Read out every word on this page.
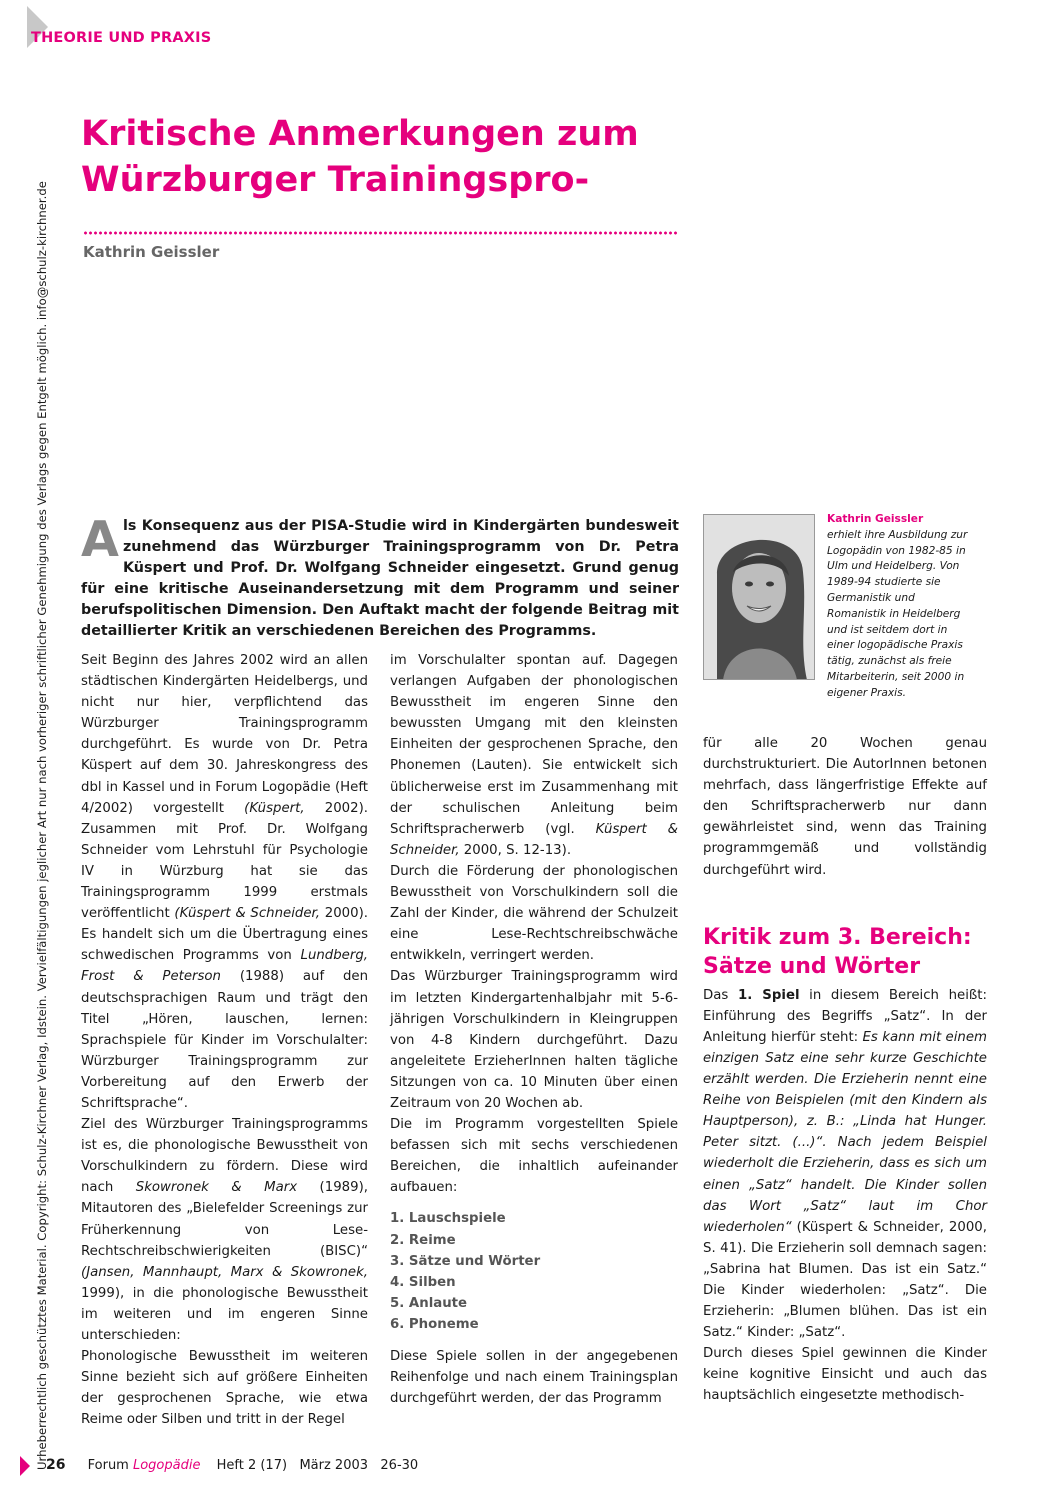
THEORIE UND PRAXIS
Urheberrechtlich geschütztes Material. Copyright: Schulz-Kirchner Verlag, Idstein. Vervielfältigungen jeglicher Art nur nach vorheriger schriftlicher Genehmigung des Verlags gegen Entgelt möglich. info@schulz-kirchner.de
Kritische Anmerkungen zum
Würzburger Trainingspro-
Kathrin Geissler

Als Konsequenz aus der PISA-Studie wird in Kindergärten bundesweit zunehmend das Würzburger Trainingsprogramm von Dr. Petra Küspert und Prof. Dr. Wolfgang Schneider eingesetzt. Grund genug für eine kritische Auseinandersetzung mit dem Programm und seiner berufspolitischen Dimension. Den Auftakt macht der folgende Beitrag mit detaillierter Kritik an verschiedenen Bereichen des Programms.

Kathrin Geissler
erhielt ihre Ausbildung zur Logopädin von 1982-85 in Ulm und Heidelberg. Von 1989-94 studierte sie Germanistik und Romanistik in Heidelberg und ist seitdem dort in einer logopädische Praxis tätig, zunächst als freie Mitarbeiterin, seit 2000 in eigener Praxis.

Seit Beginn des Jahres 2002 wird an allen städtischen Kindergärten Heidelbergs, und nicht nur hier, verpflichtend das Würzburger Trainingsprogramm durchgeführt. Es wurde von Dr. Petra Küspert auf dem 30. Jahreskongress des dbl in Kassel und in Forum Logopädie (Heft 4/2002) vorgestellt (Küspert, 2002). Zusammen mit Prof. Dr. Wolfgang Schneider vom Lehrstuhl für Psychologie IV in Würzburg hat sie das Trainingsprogramm 1999 erstmals veröffentlicht (Küspert & Schneider, 2000). Es handelt sich um die Übertragung eines schwedischen Programms von Lundberg, Frost & Peterson (1988) auf den deutschsprachigen Raum und trägt den Titel „Hören, lauschen, lernen: Sprachspiele für Kinder im Vorschulalter: Würzburger Trainingsprogramm zur Vorbereitung auf den Erwerb der Schriftsprache“.

Ziel des Würzburger Trainingsprogramms ist es, die phonologische Bewusstheit von Vorschulkindern zu fördern. Diese wird nach Skowronek & Marx (1989), Mitautoren des „Bielefelder Screenings zur Früherkennung von Lese-Rechtschreibschwierigkeiten (BISC)“ (Jansen, Mannhaupt, Marx & Skowronek, 1999), in die phonologische Bewusstheit im weiteren und im engeren Sinne unterschieden:

Phonologische Bewusstheit im weiteren Sinne bezieht sich auf größere Einheiten der gesprochenen Sprache, wie etwa Reime oder Silben und tritt in der Regel

im Vorschulalter spontan auf. Dagegen verlangen Aufgaben der phonologischen Bewusstheit im engeren Sinne den bewussten Umgang mit den kleinsten Einheiten der gesprochenen Sprache, den Phonemen (Lauten). Sie entwickelt sich üblicherweise erst im Zusammenhang mit der schulischen Anleitung beim Schriftspracherwerb (vgl. Küspert & Schneider, 2000, S. 12-13).

Durch die Förderung der phonologischen Bewusstheit von Vorschulkindern soll die Zahl der Kinder, die während der Schulzeit eine Lese-Rechtschreibschwäche entwikkeln, verringert werden.

Das Würzburger Trainingsprogramm wird im letzten Kindergartenhalbjahr mit 5-6-jährigen Vorschulkindern in Kleingruppen von 4-8 Kindern durchgeführt. Dazu angeleitete ErzieherInnen halten tägliche Sitzungen von ca. 10 Minuten über einen Zeitraum von 20 Wochen ab.

Die im Programm vorgestellten Spiele befassen sich mit sechs verschiedenen Bereichen, die inhaltlich aufeinander aufbauen:

1. Lauschspiele
2. Reime
3. Sätze und Wörter
4. Silben
5. Anlaute
6. Phoneme

Diese Spiele sollen in der angegebenen Reihenfolge und nach einem Trainingsplan durchgeführt werden, der das Programm

für alle 20 Wochen genau durchstrukturiert. Die AutorInnen betonen mehrfach, dass längerfristige Effekte auf den Schriftspracherwerb nur dann gewährleistet sind, wenn das Training programmgemäß und vollständig durchgeführt wird.

Kritik zum 3. Bereich:
Sätze und Wörter

Das 1. Spiel in diesem Bereich heißt: Einführung des Begriffs „Satz“. In der Anleitung hierfür steht: Es kann mit einem einzigen Satz eine sehr kurze Geschichte erzählt werden. Die Erzieherin nennt eine Reihe von Beispielen (mit den Kindern als Hauptperson), z. B.: „Linda hat Hunger. Peter sitzt. (...)“. Nach jedem Beispiel wiederholt die Erzieherin, dass es sich um einen „Satz“ handelt. Die Kinder sollen das Wort „Satz“ laut im Chor wiederholen“ (Küspert & Schneider, 2000, S. 41). Die Erzieherin soll demnach sagen: „Sabrina hat Blumen. Das ist ein Satz.“ Die Kinder wiederholen: „Satz“. Die Erzieherin: „Blumen blühen. Das ist ein Satz.“ Kinder: „Satz“.

Durch dieses Spiel gewinnen die Kinder keine kognitive Einsicht und auch das hauptsächlich eingesetzte methodisch-

26 Forum Logopädie Heft 2 (17)   März 2003   26-30
